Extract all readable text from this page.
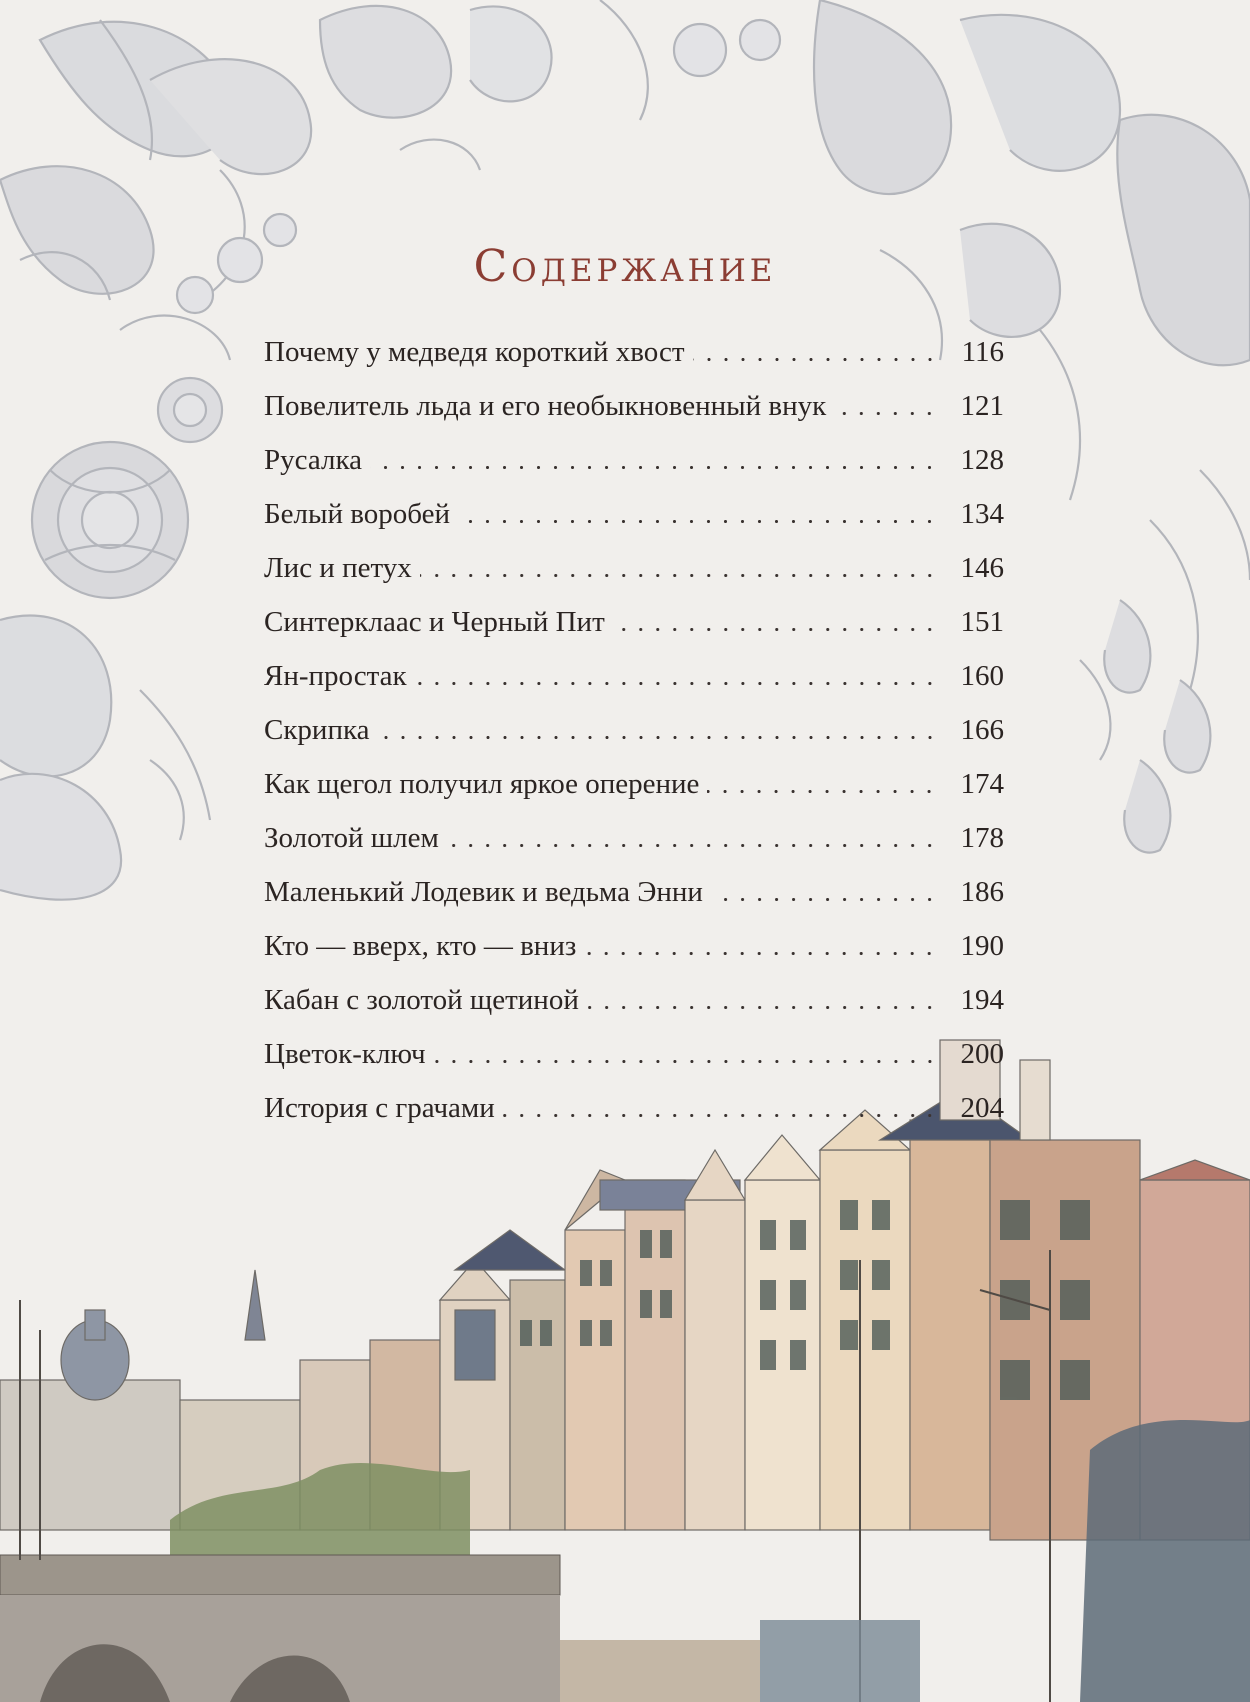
Содержание
Почему у медведя короткий хвост	116
Повелитель льда и его необыкновенный внук	121
Русалка	128
Белый воробей	134
Лис и петух	146
Синтерклаас и Черный Пит	151
Ян-простак	160
Скрипка	166
Как щегол получил яркое оперение	174
Золотой шлем	178
Маленький Лодевик и ведьма Энни	186
Кто — вверх, кто — вниз	190
Кабан с золотой щетиной	194
Цветок-ключ	200
История с грачами	204
